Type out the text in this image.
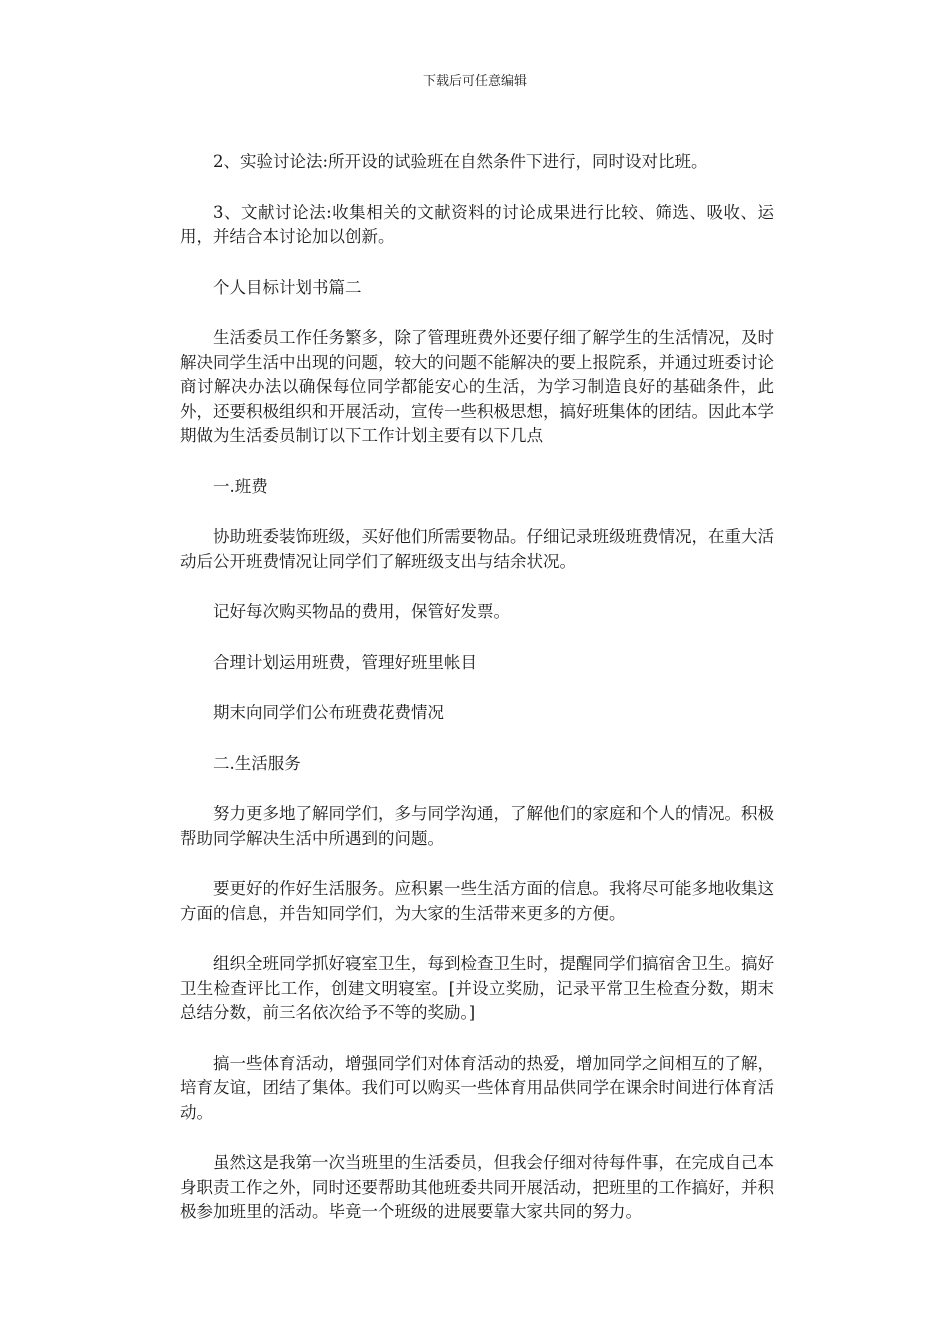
下载后可任意编辑

2、实验讨论法:所开设的试验班在自然条件下进行，同时设对比班。

3、文献讨论法:收集相关的文献资料的讨论成果进行比较、筛选、吸收、运用，并结合本讨论加以创新。

个人目标计划书篇二

生活委员工作任务繁多，除了管理班费外还要仔细了解学生的生活情况，及时解决同学生活中出现的问题，较大的问题不能解决的要上报院系，并通过班委讨论商讨解决办法以确保每位同学都能安心的生活，为学习制造良好的基础条件，此外，还要积极组织和开展活动，宣传一些积极思想，搞好班集体的团结。因此本学期做为生活委员制订以下工作计划主要有以下几点

一.班费

协助班委装饰班级，买好他们所需要物品。仔细记录班级班费情况，在重大活动后公开班费情况让同学们了解班级支出与结余状况。

记好每次购买物品的费用，保管好发票。

合理计划运用班费，管理好班里帐目

期末向同学们公布班费花费情况

二.生活服务

努力更多地了解同学们，多与同学沟通，了解他们的家庭和个人的情况。积极帮助同学解决生活中所遇到的问题。

要更好的作好生活服务。应积累一些生活方面的信息。我将尽可能多地收集这方面的信息，并告知同学们，为大家的生活带来更多的方便。

组织全班同学抓好寝室卫生，每到检查卫生时，提醒同学们搞宿舍卫生。搞好卫生检查评比工作，创建文明寝室。[并设立奖励，记录平常卫生检查分数，期末总结分数，前三名依次给予不等的奖励。]

搞一些体育活动，增强同学们对体育活动的热爱，增加同学之间相互的了解，培育友谊，团结了集体。我们可以购买一些体育用品供同学在课余时间进行体育活动。

虽然这是我第一次当班里的生活委员，但我会仔细对待每件事，在完成自己本身职责工作之外，同时还要帮助其他班委共同开展活动，把班里的工作搞好，并积极参加班里的活动。毕竟一个班级的进展要靠大家共同的努力。
